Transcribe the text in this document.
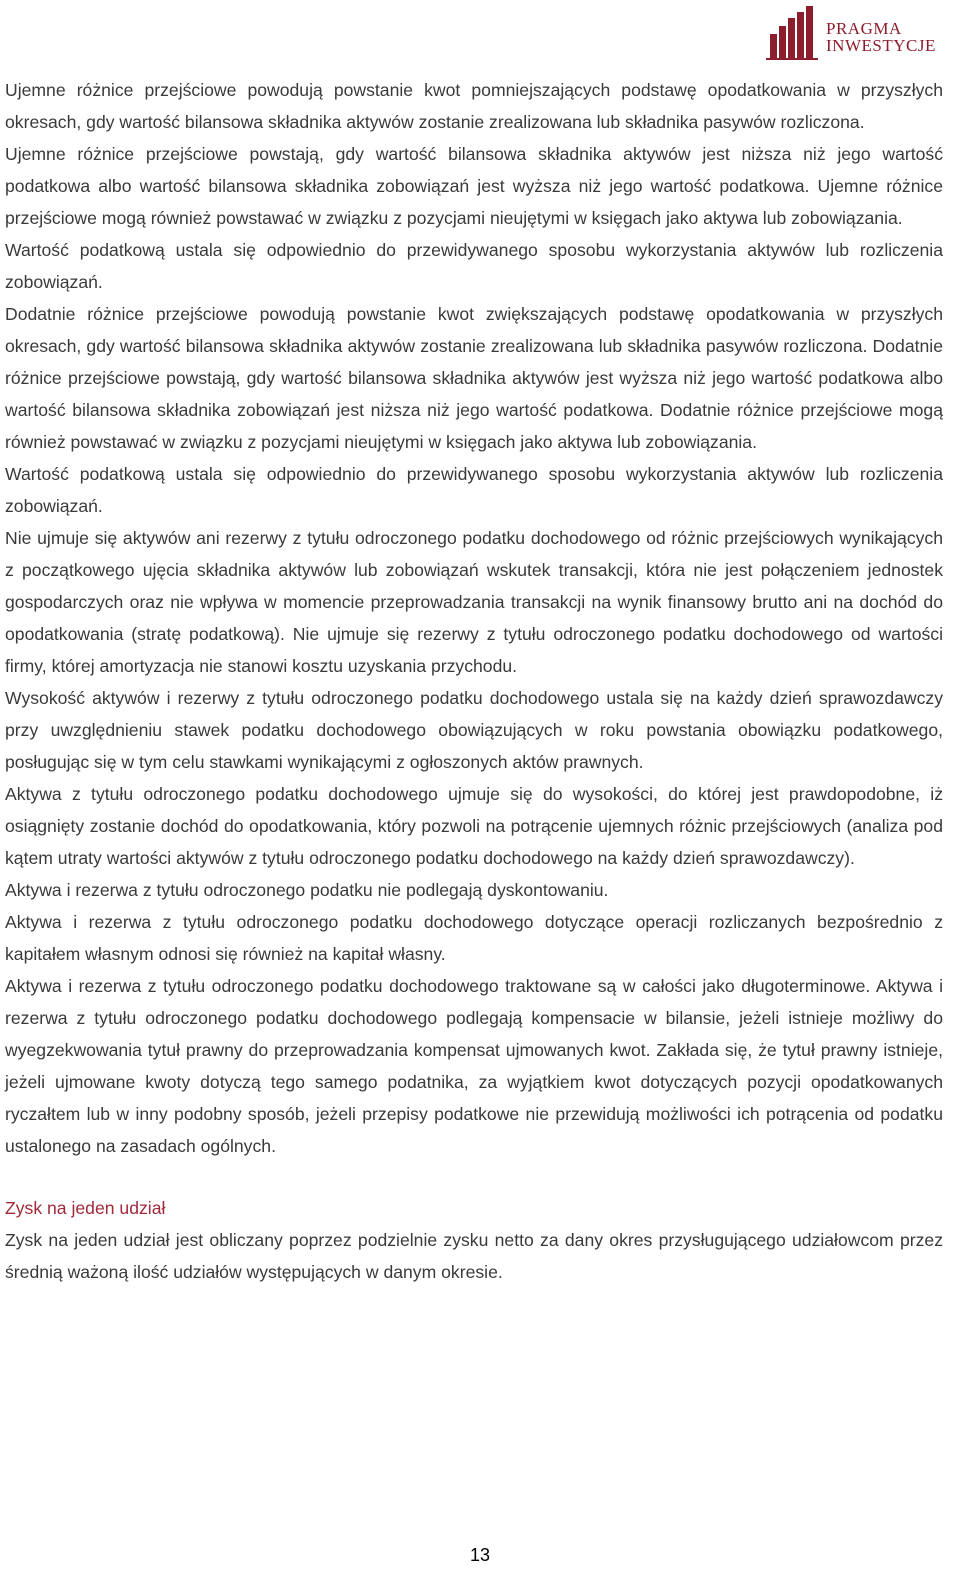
PRAGMA
INWESTYCJE

Ujemne różnice przejściowe powodują powstanie kwot pomniejszających podstawę opodatkowania w przyszłych okresach, gdy wartość bilansowa składnika aktywów zostanie zrealizowana lub składnika pasywów rozliczona.

Ujemne różnice przejściowe powstają, gdy wartość bilansowa składnika aktywów jest niższa niż jego wartość podatkowa albo wartość bilansowa składnika zobowiązań jest wyższa niż jego wartość podatkowa. Ujemne różnice przejściowe mogą również powstawać w związku z pozycjami nieujętymi w księgach jako aktywa lub zobowiązania.

Wartość podatkową ustala się odpowiednio do przewidywanego sposobu wykorzystania aktywów lub rozliczenia zobowiązań.

Dodatnie różnice przejściowe powodują powstanie kwot zwiększających podstawę opodatkowania w przyszłych okresach, gdy wartość bilansowa składnika aktywów zostanie zrealizowana lub składnika pasywów rozliczona. Dodatnie różnice przejściowe powstają, gdy wartość bilansowa składnika aktywów jest wyższa niż jego wartość podatkowa albo wartość bilansowa składnika zobowiązań jest niższa niż jego wartość podatkowa. Dodatnie różnice przejściowe mogą również powstawać w związku z pozycjami nieujętymi w księgach jako aktywa lub zobowiązania.

Wartość podatkową ustala się odpowiednio do przewidywanego sposobu wykorzystania aktywów lub rozliczenia zobowiązań.

Nie ujmuje się aktywów ani rezerwy z tytułu odroczonego podatku dochodowego od różnic przejściowych wynikających z początkowego ujęcia składnika aktywów lub zobowiązań wskutek transakcji, która nie jest połączeniem jednostek gospodarczych oraz nie wpływa w momencie przeprowadzania transakcji na wynik finansowy brutto ani na dochód do opodatkowania (stratę podatkową). Nie ujmuje się rezerwy z tytułu odroczonego podatku dochodowego od wartości firmy, której amortyzacja nie stanowi kosztu uzyskania przychodu.

Wysokość aktywów i rezerwy z tytułu odroczonego podatku dochodowego ustala się na każdy dzień sprawozdawczy przy uwzględnieniu stawek podatku dochodowego obowiązujących w roku powstania obowiązku podatkowego, posługując się w tym celu stawkami wynikającymi z ogłoszonych aktów prawnych.

Aktywa z tytułu odroczonego podatku dochodowego ujmuje się do wysokości, do której jest prawdopodobne, iż osiągnięty zostanie dochód do opodatkowania, który pozwoli na potrącenie ujemnych różnic przejściowych (analiza pod kątem utraty wartości aktywów z tytułu odroczonego podatku dochodowego na każdy dzień sprawozdawczy).

Aktywa i rezerwa z tytułu odroczonego podatku nie podlegają dyskontowaniu.

Aktywa i rezerwa z tytułu odroczonego podatku dochodowego dotyczące operacji rozliczanych bezpośrednio z kapitałem własnym odnosi się również na kapitał własny.

Aktywa i rezerwa z tytułu odroczonego podatku dochodowego traktowane są w całości jako długoterminowe. Aktywa i rezerwa z tytułu odroczonego podatku dochodowego podlegają kompensacie w bilansie, jeżeli istnieje możliwy do wyegzekwowania tytuł prawny do przeprowadzania kompensat ujmowanych kwot. Zakłada się, że tytuł prawny istnieje, jeżeli ujmowane kwoty dotyczą tego samego podatnika, za wyjątkiem kwot dotyczących pozycji opodatkowanych ryczałtem lub w inny podobny sposób, jeżeli przepisy podatkowe nie przewidują możliwości ich potrącenia od podatku ustalonego na zasadach ogólnych.

Zysk na jeden udział

Zysk na jeden udział jest obliczany poprzez podzielnie zysku netto za dany okres przysługującego udziałowcom przez średnią ważoną ilość udziałów występujących w danym okresie.

13
